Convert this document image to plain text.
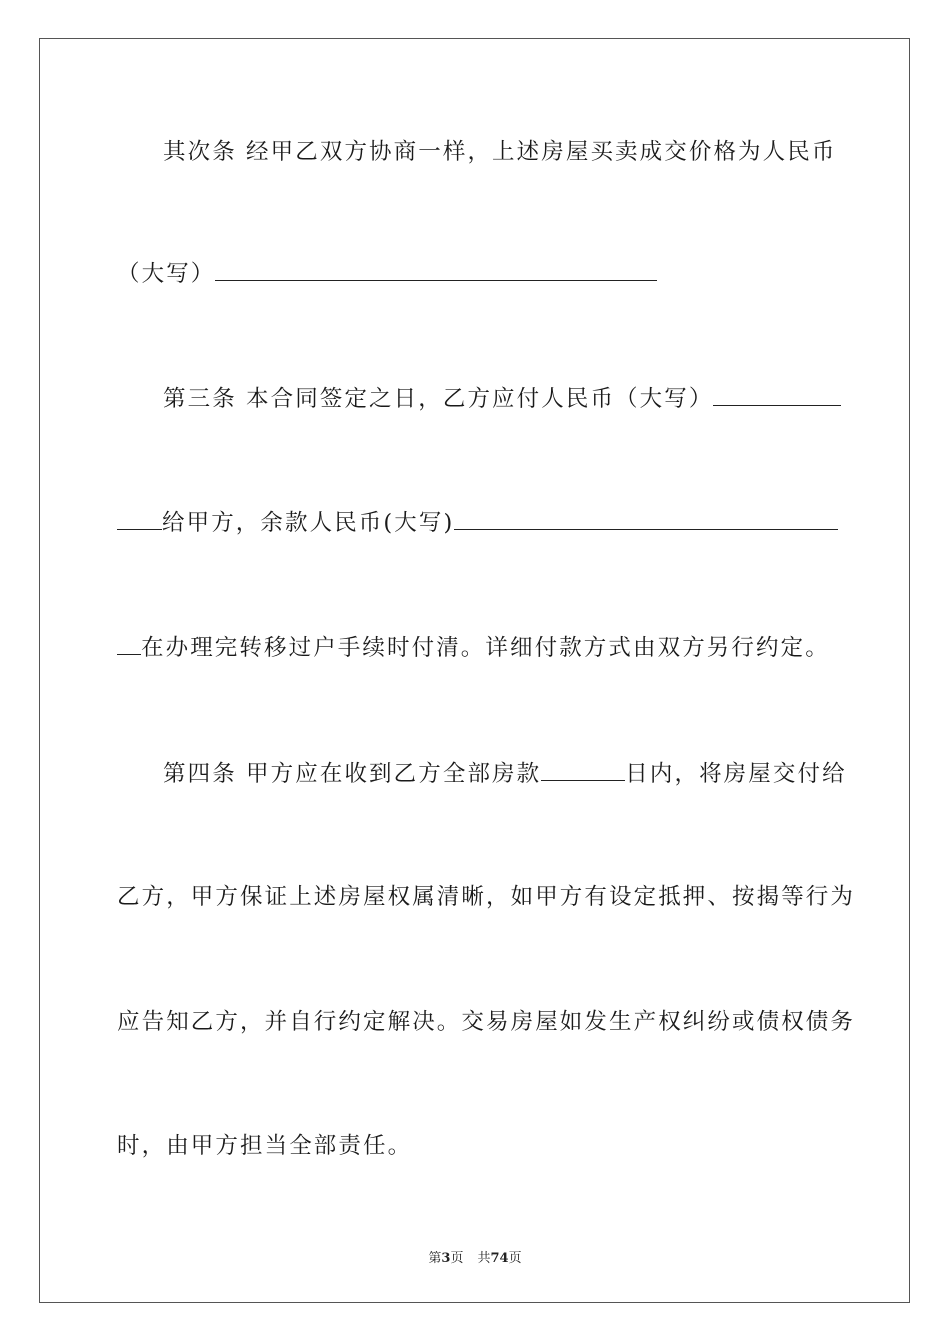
其次条 经甲乙双方协商一样，上述房屋买卖成交价格为人民币
（大写）
第三条 本合同签定之日，乙方应付人民币（大写）
给甲方，余款人民币(大写)
在办理完转移过户手续时付清。详细付款方式由双方另行约定。
第四条 甲方应在收到乙方全部房款	日内，将房屋交付给
乙方，甲方保证上述房屋权属清晰，如甲方有设定抵押、按揭等行为
应告知乙方，并自行约定解决。交易房屋如发生产权纠纷或债权债务
时，由甲方担当全部责任。
第3页 共74页
